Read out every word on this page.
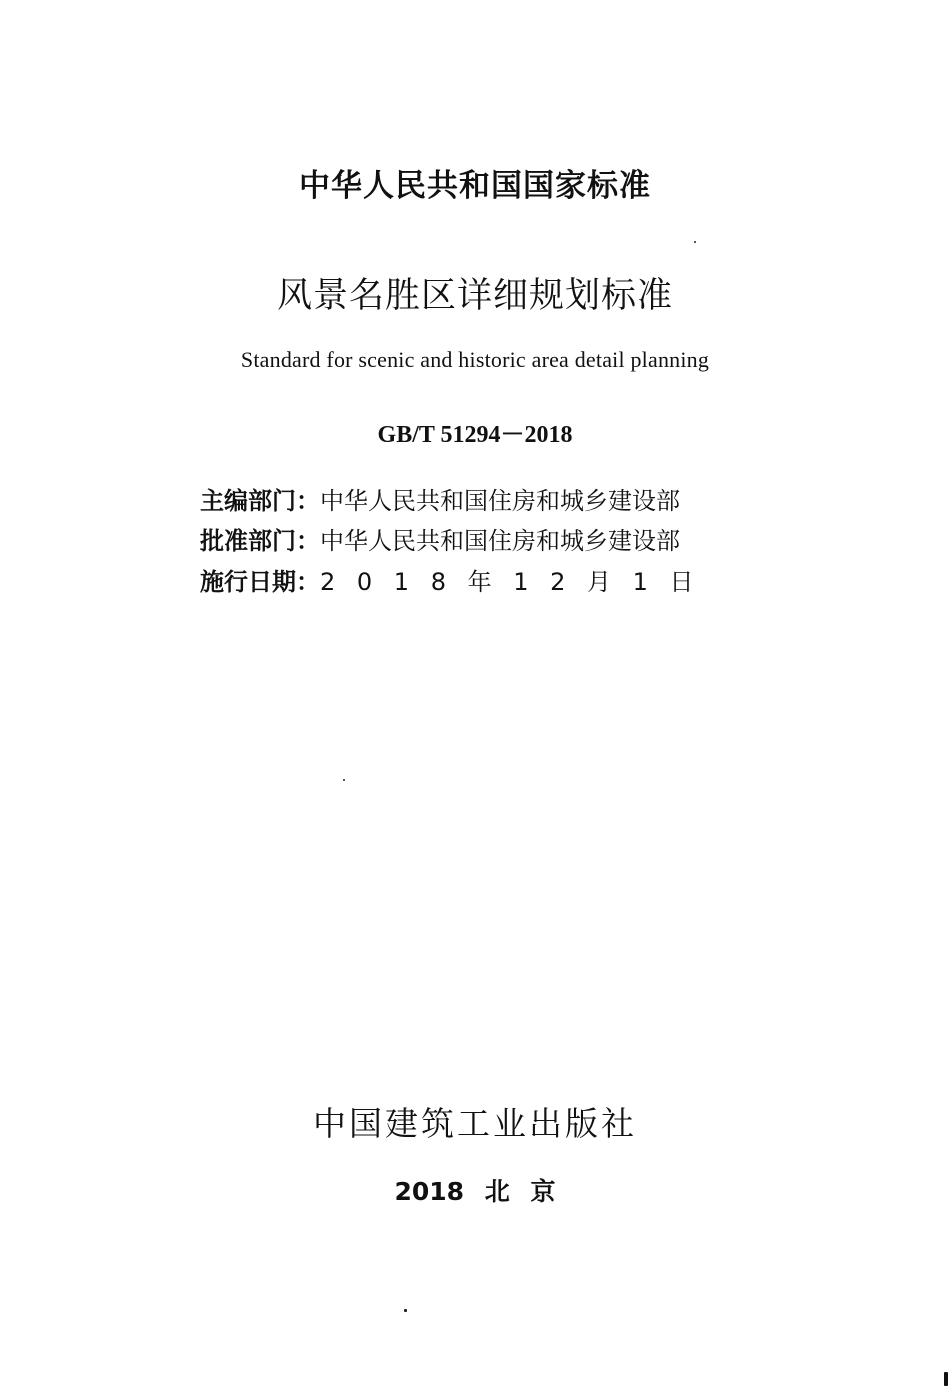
中华人民共和国国家标准
风景名胜区详细规划标准
Standard for scenic and historic area detail planning
GB/T 51294－2018
主编部门：中华人民共和国住房和城乡建设部
批准部门：中华人民共和国住房和城乡建设部
施行日期：2 0 1 8 年 1 2 月 1 日
中国建筑工业出版社
2018 北 京
